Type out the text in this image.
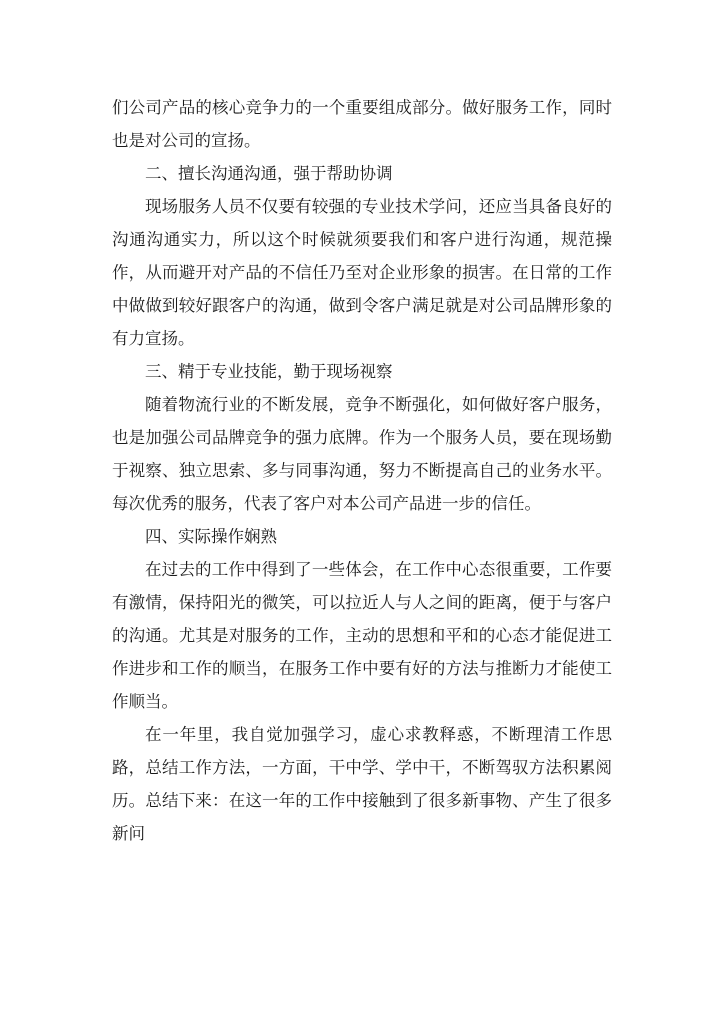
们公司产品的核心竞争力的一个重要组成部分。做好服务工作，同时也是对公司的宣扬。

二、擅长沟通沟通，强于帮助协调

现场服务人员不仅要有较强的专业技术学问，还应当具备良好的沟通沟通实力，所以这个时候就须要我们和客户进行沟通，规范操作，从而避开对产品的不信任乃至对企业形象的损害。在日常的工作中做做到较好跟客户的沟通，做到令客户满足就是对公司品牌形象的有力宣扬。

三、精于专业技能，勤于现场视察

随着物流行业的不断发展，竞争不断强化，如何做好客户服务，也是加强公司品牌竞争的强力底牌。作为一个服务人员，要在现场勤于视察、独立思索、多与同事沟通，努力不断提高自己的业务水平。每次优秀的服务，代表了客户对本公司产品进一步的信任。

四、实际操作娴熟

在过去的工作中得到了一些体会，在工作中心态很重要，工作要有激情，保持阳光的微笑，可以拉近人与人之间的距离，便于与客户的沟通。尤其是对服务的工作，主动的思想和平和的心态才能促进工作进步和工作的顺当，在服务工作中要有好的方法与推断力才能使工作顺当。

在一年里，我自觉加强学习，虚心求教释惑，不断理清工作思路，总结工作方法，一方面，干中学、学中干，不断驾驭方法积累阅历。总结下来：在这一年的工作中接触到了很多新事物、产生了很多新问
